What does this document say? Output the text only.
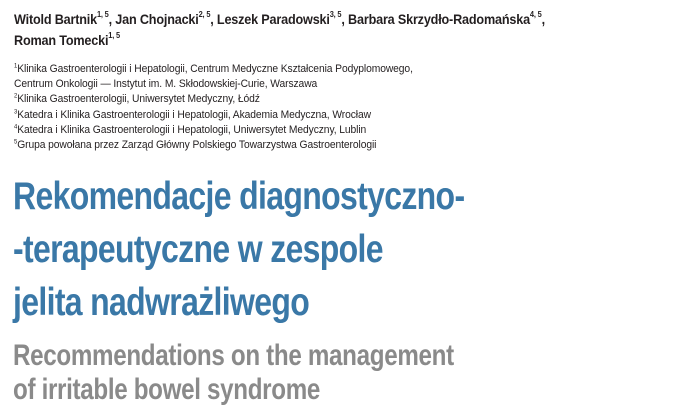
Witold Bartnik$^{1, 5}$, Jan Chojnacki$^{2, 5}$, Leszek Paradowski$^{3, 5}$, Barbara Skrzydło-Radomańska$^{4, 5}$,
Roman Tomecki$^{1, 5}$
$^1$Klinika Gastroenterologii i Hepatologii, Centrum Medyczne Kształcenia Podyplomowego,
Centrum Onkologii — Instytut im. M. Skłodowskiej-Curie, Warszawa
$^2$Klinika Gastroenterologii, Uniwersytet Medyczny, Łódź
$^3$Katedra i Klinika Gastroenterologii i Hepatologii, Akademia Medyczna, Wrocław
$^4$Katedra i Klinika Gastroenterologii i Hepatologii, Uniwersytet Medyczny, Lublin
$^5$Grupa powołana przez Zarząd Główny Polskiego Towarzystwa Gastroenterologii
Rekomendacje diagnostyczno-
-terapeutyczne w zespole
jelita nadwrażliwego
Recommendations on the management
of irritable bowel syndrome
